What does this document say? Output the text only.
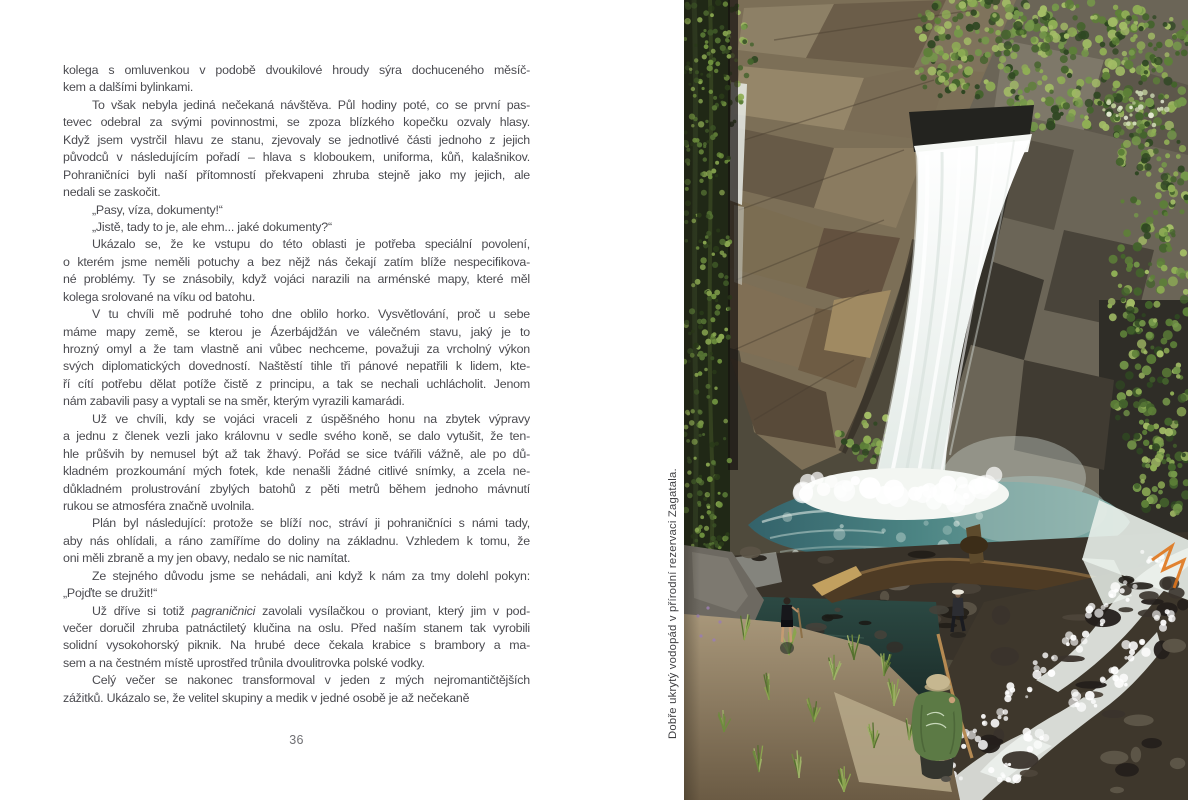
kolega s omluvenkou v podobě dvoukilové hroudy sýra dochuceného měsíč-
kem a dalšími bylinkami.
To však nebyla jediná nečekaná návštěva. Půl hodiny poté, co se první pas-
tevec odebral za svými povinnostmi, se zpoza blízkého kopečku ozvaly hlasy.
Když jsem vystrčil hlavu ze stanu, zjevovaly se jednotlivé části jednoho z jejich
původců v následujícím pořadí – hlava s kloboukem, uniforma, kůň, kalašnikov.
Pohraničníci byli naší přítomností překvapeni zhruba stejně jako my jejich, ale
nedali se zaskočit.
„Pasy, víza, dokumenty!“
„Jistě, tady to je, ale ehm... jaké dokumenty?“
Ukázalo se, že ke vstupu do této oblasti je potřeba speciální povolení,
o kterém jsme neměli potuchy a bez nějž nás čekají zatím blíže nespecifikova-
né problémy. Ty se znásobily, když vojáci narazili na arménské mapy, které měl
kolega srolované na víku od batohu.
V tu chvíli mě podruhé toho dne oblilo horko. Vysvětlování, proč u sebe
máme mapy země, se kterou je Ázerbájdžán ve válečném stavu, jaký je to
hrozný omyl a že tam vlastně ani vůbec nechceme, považuji za vrcholný výkon
svých diplomatických dovedností. Naštěstí tihle tři pánové nepatřili k lidem, kte-
ří cítí potřebu dělat potíže čistě z principu, a tak se nechali uchlácholit. Jenom
nám zabavili pasy a vyptali se na směr, kterým vyrazili kamarádi.
Už ve chvíli, kdy se vojáci vraceli z úspěšného honu na zbytek výpravy
a jednu z členek vezli jako královnu v sedle svého koně, se dalo vytušit, že ten-
hle průšvih by nemusel být až tak žhavý. Pořád se sice tvářili vážně, ale po dů-
kladném prozkoumání mých fotek, kde nenašli žádné citlivé snímky, a zcela ne-
důkladném prolustrování zbylých batohů z pěti metrů během jednoho mávnutí
rukou se atmosféra značně uvolnila.
Plán byl následující: protože se blíží noc, stráví ji pohraničníci s námi tady,
aby nás ohlídali, a ráno zamíříme do doliny na základnu. Vzhledem k tomu, že
oni měli zbraně a my jen obavy, nedalo se nic namítat.
Ze stejného důvodu jsme se nehádali, ani když k nám za tmy dolehl pokyn:
„Pojďte se družit!“
Už dříve si totiž pagraničnici zavolali vysílačkou o proviant, který jim v pod-
večer doručil zhruba patnáctiletý klučina na oslu. Před naším stanem tak vyrobili
solidní vysokohorský piknik. Na hrubé dece čekala krabice s brambory a ma-
sem a na čestném místě uprostřed trůnila dvoulitrovka polské vodky.
Celý večer se nakonec transformoval v jeden z mých nejromantičtějších
zážitků. Ukázalo se, že velitel skupiny a medik v jedné osobě je až nečekaně
36
Dobře ukrytý vodopád v přírodní rezervaci Zagatala.
